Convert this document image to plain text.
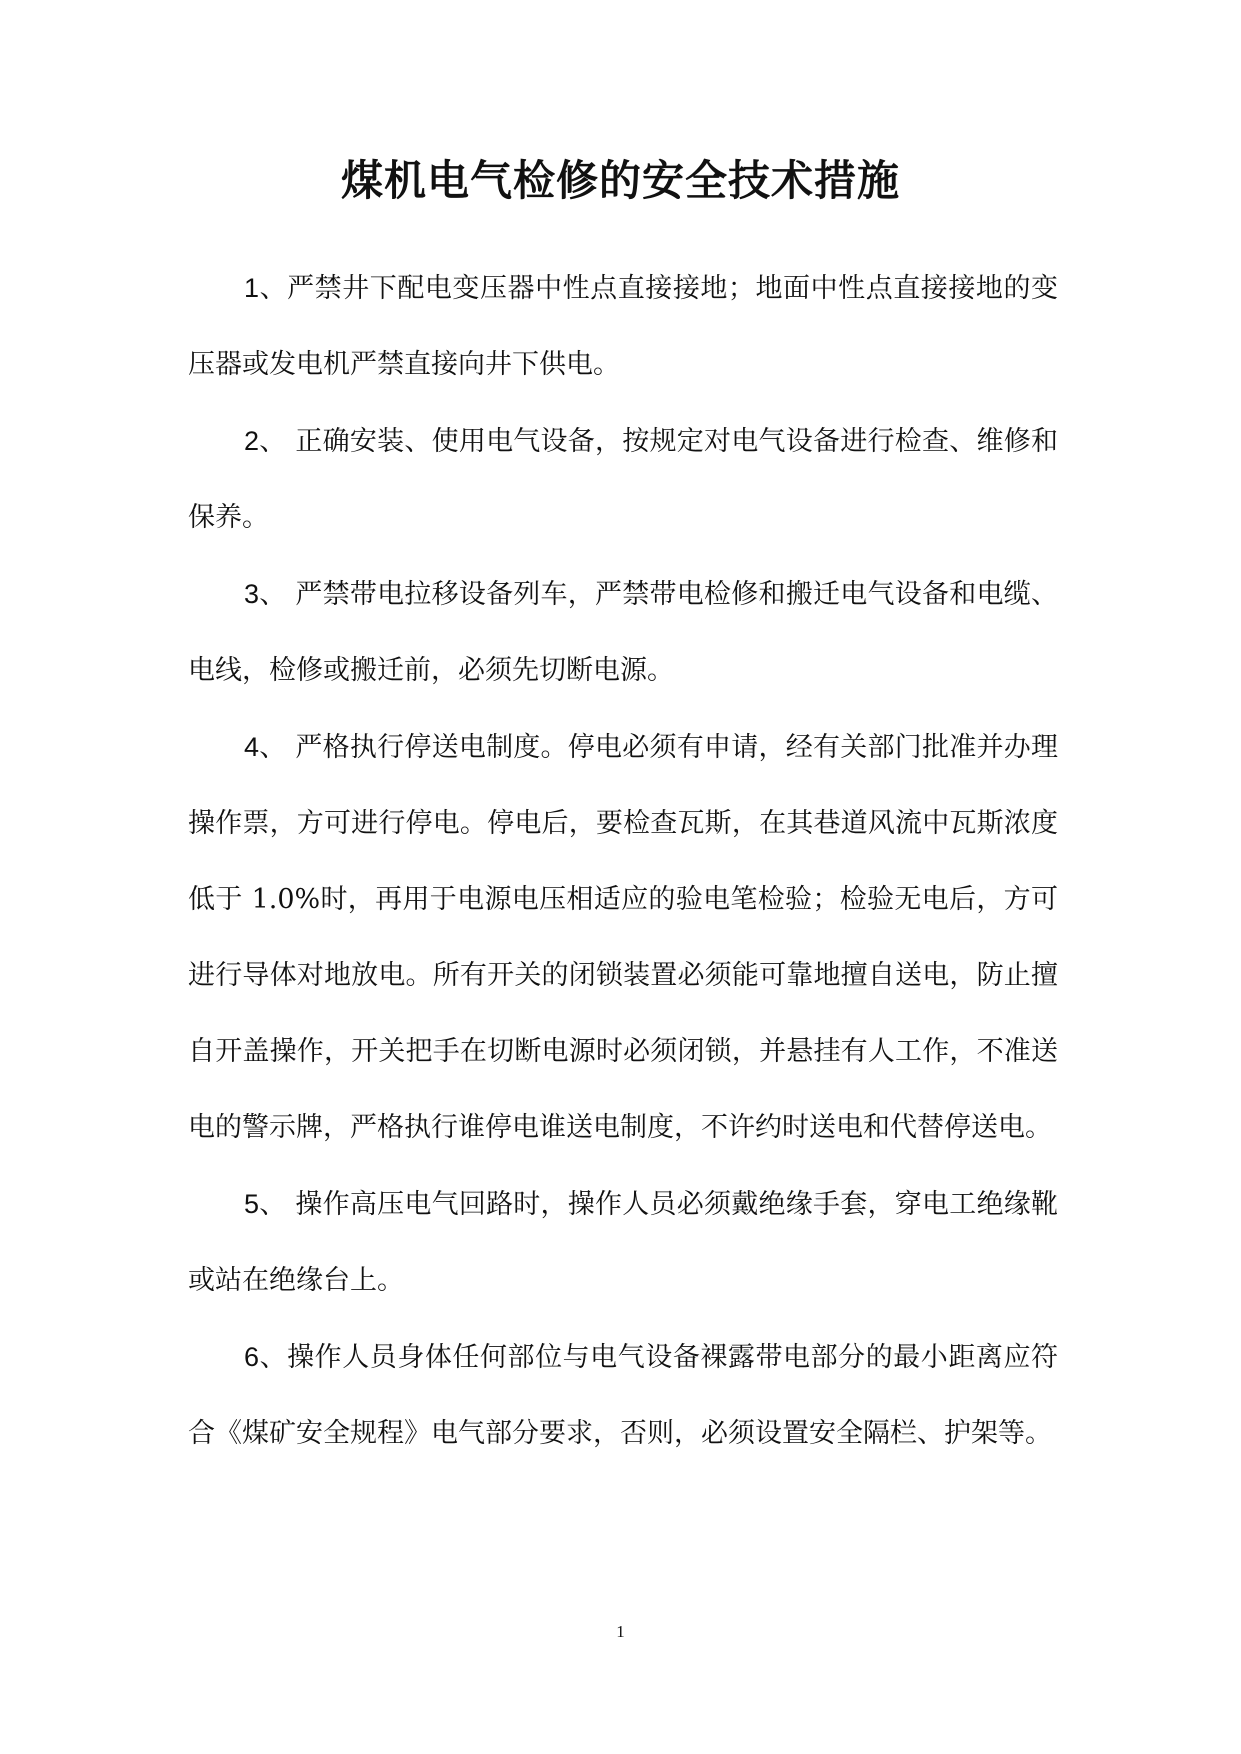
煤机电气检修的安全技术措施

1、严禁井下配电变压器中性点直接接地；地面中性点直接接地的变压器或发电机严禁直接向井下供电。

2、 正确安装、使用电气设备，按规定对电气设备进行检查、维修和保养。

3、 严禁带电拉移设备列车，严禁带电检修和搬迁电气设备和电缆、电线，检修或搬迁前，必须先切断电源。

4、 严格执行停送电制度。停电必须有申请，经有关部门批准并办理操作票，方可进行停电。停电后，要检查瓦斯，在其巷道风流中瓦斯浓度低于 1.0%时，再用于电源电压相适应的验电笔检验；检验无电后，方可进行导体对地放电。所有开关的闭锁装置必须能可靠地擅自送电，防止擅自开盖操作，开关把手在切断电源时必须闭锁，并悬挂有人工作，不准送电的警示牌，严格执行谁停电谁送电制度，不许约时送电和代替停送电。

5、 操作高压电气回路时，操作人员必须戴绝缘手套，穿电工绝缘靴或站在绝缘台上。

6、操作人员身体任何部位与电气设备裸露带电部分的最小距离应符合《煤矿安全规程》电气部分要求，否则，必须设置安全隔栏、护架等。

1
